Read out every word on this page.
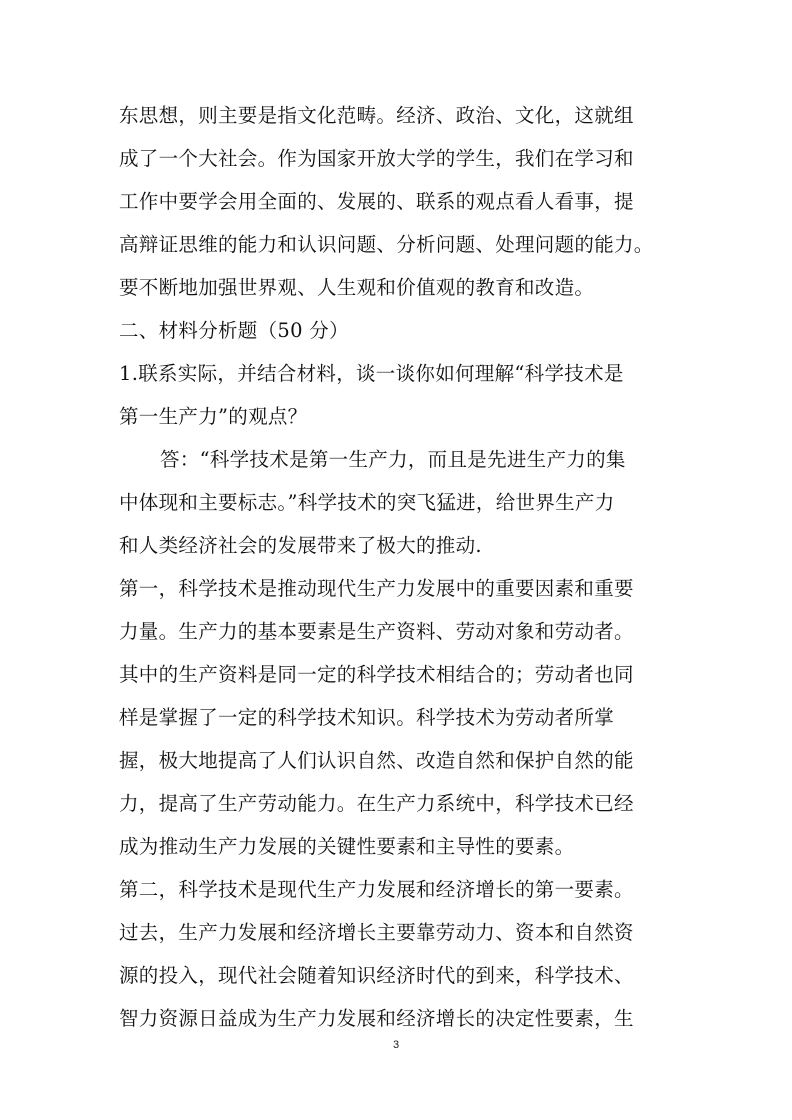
东思想，则主要是指文化范畴。经济、政治、文化，这就组
成了一个大社会。作为国家开放大学的学生，我们在学习和
工作中要学会用全面的、发展的、联系的观点看人看事，提
高辩证思维的能力和认识问题、分析问题、处理问题的能力。
要不断地加强世界观、人生观和价值观的教育和改造。
二、材料分析题（50 分）
1.联系实际，并结合材料，谈一谈你如何理解“科学技术是
第一生产力”的观点？
答：“科学技术是第一生产力，而且是先进生产力的集
中体现和主要标志。”科学技术的突飞猛进，给世界生产力
和人类经济社会的发展带来了极大的推动.
第一，科学技术是推动现代生产力发展中的重要因素和重要
力量。生产力的基本要素是生产资料、劳动对象和劳动者。
其中的生产资料是同一定的科学技术相结合的；劳动者也同
样是掌握了一定的科学技术知识。科学技术为劳动者所掌
握，极大地提高了人们认识自然、改造自然和保护自然的能
力，提高了生产劳动能力。在生产力系统中，科学技术已经
成为推动生产力发展的关键性要素和主导性的要素。
第二，科学技术是现代生产力发展和经济增长的第一要素。
过去，生产力发展和经济增长主要靠劳动力、资本和自然资
源的投入，现代社会随着知识经济时代的到来，科学技术、
智力资源日益成为生产力发展和经济增长的决定性要素，生
3
